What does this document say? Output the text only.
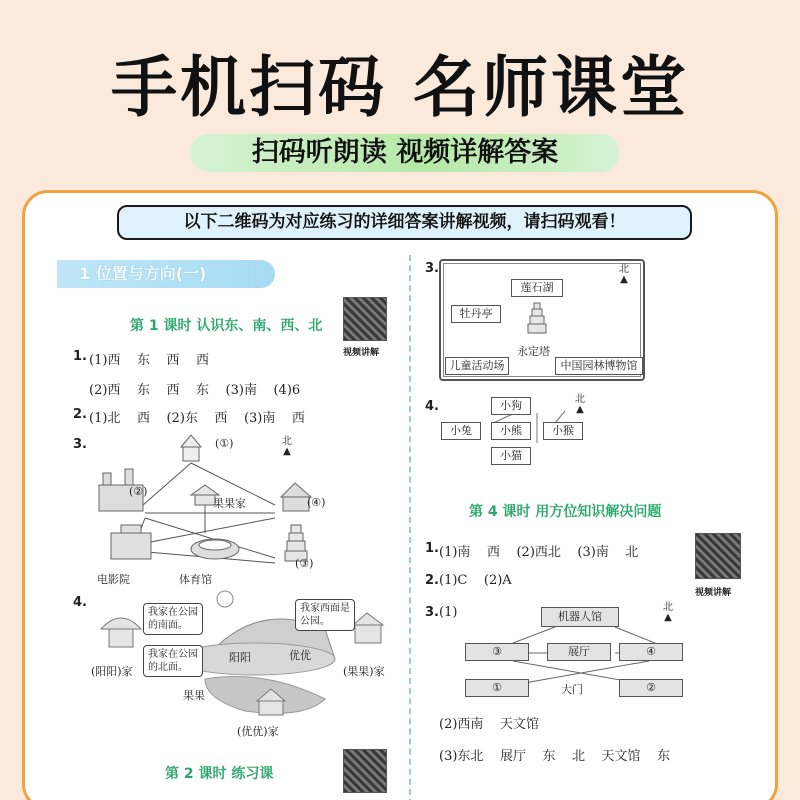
手机扫码 名师课堂
扫码听朗读 视频详解答案
以下二维码为对应练习的详细答案讲解视频，请扫码观看！
1 位置与方向(一)
第 1 课时 认识东、南、西、北
视频讲解
1. (1)西    东    西    西
(2)西    东    西    东    (3)南    (4)6
2. (1)北    西    (2)东    西    (3)南    西
3.	(①)	北
▲
(②)
果果家	(④)
(③)
电影院	体育馆
4.
我家在公园
的南面。
我家西面是
公园。
我家在公园
的北面。
阳阳	优优
果果
(阳阳)家	(果果)家
(优优)家
第 2 课时 练习课
3.
莲石湖
牡丹亭
永定塔
儿童活动场	中国园林博物馆
北
▲
4.	小狗
小兔	小熊	小猴
小猫
北
▲
第 4 课时 用方位知识解决问题
1. (1)南    西    (2)西北    (3)南    北
视频讲解
2. (1)C    (2)A
3. (1)	机器人馆
③	展厅	④
①	大门	②
北
▲
(2)西南    天文馆
(3)东北    展厅    东    北    天文馆    东
